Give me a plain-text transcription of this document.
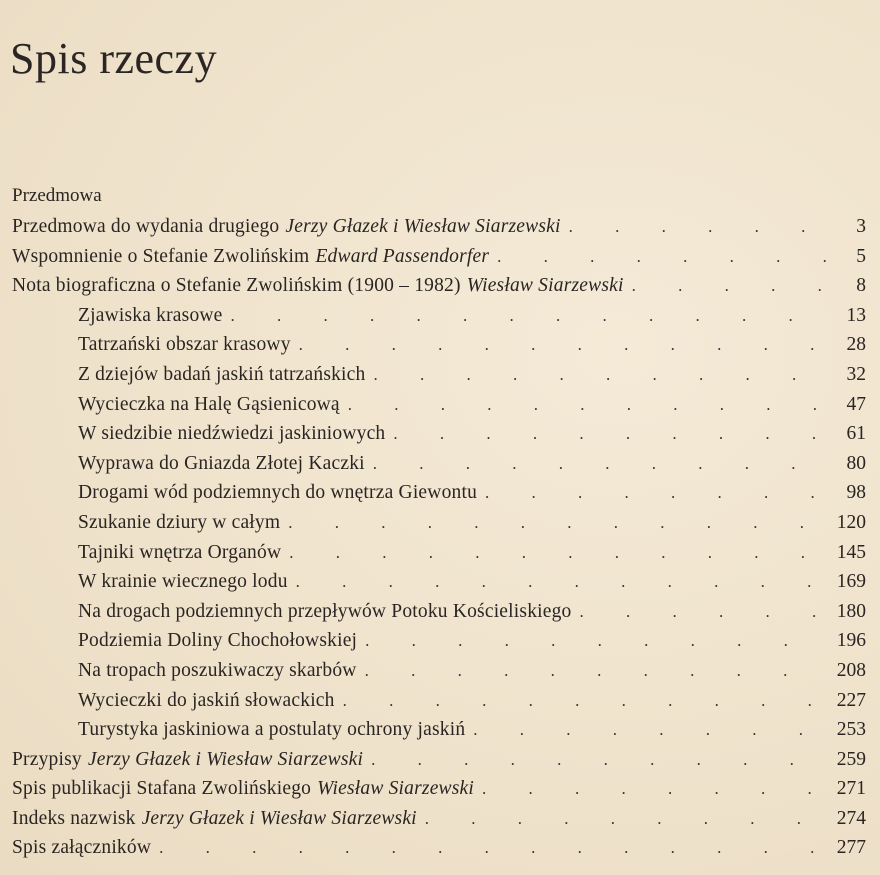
Spis rzeczy
Przedmowa
Przedmowa do wydania drugiego Jerzy Głazek i Wiesław Siarzewski . . .	3
Wspomnienie o Stefanie Zwolińskim Edward Passendorfer . . .	5
Nota biograficzna o Stefanie Zwolińskim (1900 – 1982) Wiesław Siarzewski . . .	8
Zjawiska krasowe . . .	13
Tatrzański obszar krasowy . . .	28
Z dziejów badań jaskiń tatrzańskich . . .	32
Wycieczka na Halę Gąsienicową . . .	47
W siedzibie niedźwiedzi jaskiniowych . . .	61
Wyprawa do Gniazda Złotej Kaczki . . .	80
Drogami wód podziemnych do wnętrza Giewontu . . .	98
Szukanie dziury w całym . . .	120
Tajniki wnętrza Organów . . .	145
W krainie wiecznego lodu . . .	169
Na drogach podziemnych przepływów Potoku Kościeliskiego . . .	180
Podziemia Doliny Chochołowskiej . . .	196
Na tropach poszukiwaczy skarbów . . .	208
Wycieczki do jaskiń słowackich . . .	227
Turystyka jaskiniowa a postulaty ochrony jaskiń . . .	253
Przypisy Jerzy Głazek i Wiesław Siarzewski . . .	259
Spis publikacji Stafana Zwolińskiego Wiesław Siarzewski . . .	271
Indeks nazwisk Jerzy Głazek i Wiesław Siarzewski . . .	274
Spis załączników . . .	277
